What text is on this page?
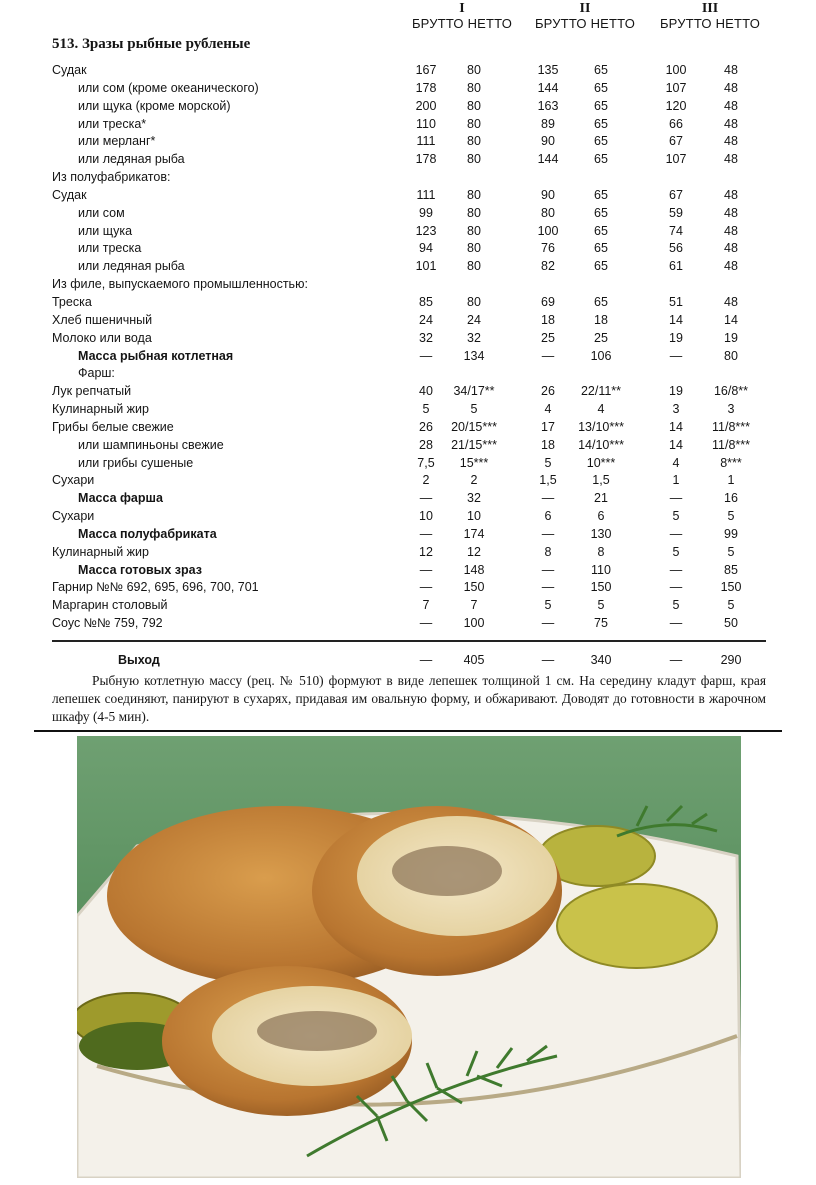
I
БРУТТО НЕТТО
II
БРУТТО НЕТТО
III
БРУТТО НЕТТО
513. Зразы рыбные рубленые
Судак	167	80	135	65	100	48
или сом (кроме океанического)	178	80	144	65	107	48
или щука (кроме морской)	200	80	163	65	120	48
или треска*	110	80	89	65	66	48
или мерланг*	111	80	90	65	67	48
или ледяная рыба	178	80	144	65	107	48
Из полуфабрикатов:
Судак	111	80	90	65	67	48
или сом	99	80	80	65	59	48
или щука	123	80	100	65	74	48
или треска	94	80	76	65	56	48
или ледяная рыба	101	80	82	65	61	48
Из филе, выпускаемого промышленностью:
Треска	85	80	69	65	51	48
Хлеб пшеничный	24	24	18	18	14	14
Молоко или вода	32	32	25	25	19	19
Масса рыбная котлетная	—	134	—	106	—	80
Фарш:
Лук репчатый	40	34/17**	26	22/11**	19	16/8**
Кулинарный жир	5	5	4	4	3	3
Грибы белые свежие	26	20/15***	17	13/10***	14	11/8***
или шампиньоны свежие	28	21/15***	18	14/10***	14	11/8***
или грибы сушеные	7,5	15***	5	10***	4	8***
Сухари	2	2	1,5	1,5	1	1
Масса фарша	—	32	—	21	—	16
Сухари	10	10	6	6	5	5
Масса полуфабриката	—	174	—	130	—	99
Кулинарный жир	12	12	8	8	5	5
Масса готовых зраз	—	148	—	110	—	85
Гарнир №№ 692, 695, 696, 700, 701	—	150	—	150	—	150
Маргарин столовый	7	7	5	5	5	5
Соус №№ 759, 792	—	100	—	75	—	50
Выход	—	405	—	340	—	290
Рыбную котлетную массу (рец. № 510) формуют в виде лепешек толщиной 1 см. На середину кладут фарш, края лепешек соединяют, панируют в сухарях, придавая им овальную форму, и обжаривают. Доводят до готовности в жарочном шкафу (4-5 мин).
